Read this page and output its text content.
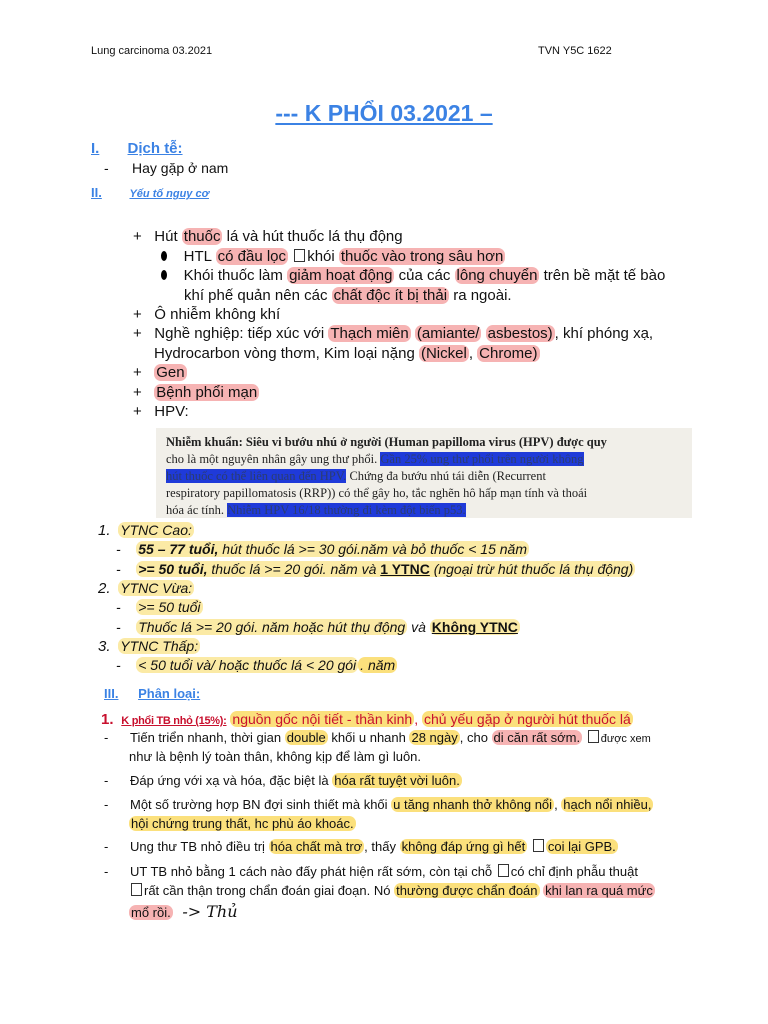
Lung carcinoma 03.2021	TVN Y5C 1622
--- K PHỔI 03.2021 –
I. Dịch tễ:
-      Hay gặp ở nam
II.	Yếu tố nguy cơ
+   Hút thuốc lá và hút thuốc lá thụ động
HTL có đầu lọc khói thuốc vào trong sâu hơn
Khói thuốc làm giảm hoạt động của các lông chuyển trên bề mặt tế bào
khí phế quản nên các chất độc ít bị thải ra ngoài.
+   Ô nhiễm không khí
+   Nghề nghiệp: tiếp xúc với Thạch miên (amiante/ asbestos) , khí phóng xạ,
Hydrocarbon vòng thơm, Kim loại nặng (Nickel , Chrome)
+   Gen
+   Bệnh phổi mạn
+   HPV:

Nhiễm khuẩn: Siêu vi bướu nhú ở người (Human papilloma virus (HPV) được quy

cho là một nguyên nhân gây ung thư phổi. Gần 25% ung thư phổi trên người không

hút thuốc có thể liên quan đến HPV. Chứng đa bướu nhú tái diễn (Recurrent

respiratory papillomatosis (RRP)) có thể gây ho, tắc nghẽn hô hấp mạn tính và thoái

hóa ác tính. Nhiễm HPV 16/18 thường đi kèm đột biến p53.

1. YTNC Cao:
-    55 – 77 tuổi, hút thuốc lá >= 30 gói.năm và bỏ thuốc < 15 năm
-    >= 50 tuổi, thuốc lá >= 20 gói. năm và 1 YTNC (ngoại trừ hút thuốc lá thụ động)
2. YTNC Vừa:
-    >= 50 tuổi
-    Thuốc lá >= 20 gói. năm hoặc hút thụ động và Không YTNC
3. YTNC Thấp:
-    < 50 tuổi và/ hoặc thuốc lá < 20 gói . năm
III. Phân loại:
1. K phổi TB nhỏ (15%): nguồn gốc nội tiết - thần kinh , chủ yếu gặp ở người hút thuốc lá
-      Tiến triển nhanh, thời gian double khối u nhanh 28 ngày , cho di căn rất sớm. được xem
như là bệnh lý toàn thân, không kịp để làm gì luôn.
-      Đáp ứng với xạ và hóa, đặc biệt là hóa rất tuyệt vời luôn.
-      Một số trường hợp BN đợi sinh thiết mà khối u tăng nhanh thở không nổi , hạch nổi nhiều,
hội chứng trung thất, hc phù áo khoác.
-      Ung thư TB nhỏ điều trị hóa chất mà trơ , thấy không đáp ứng gì hết coi lại GPB.
-      UT TB nhỏ bằng 1 cách nào đấy phát hiện rất sớm, còn tại chỗ có chỉ định phẫu thuật
rất cần thận trong chẩn đoán giai đoạn. Nó thường được chẩn đoán khi lan ra quá mức
mổ rồi. -> Thủ
